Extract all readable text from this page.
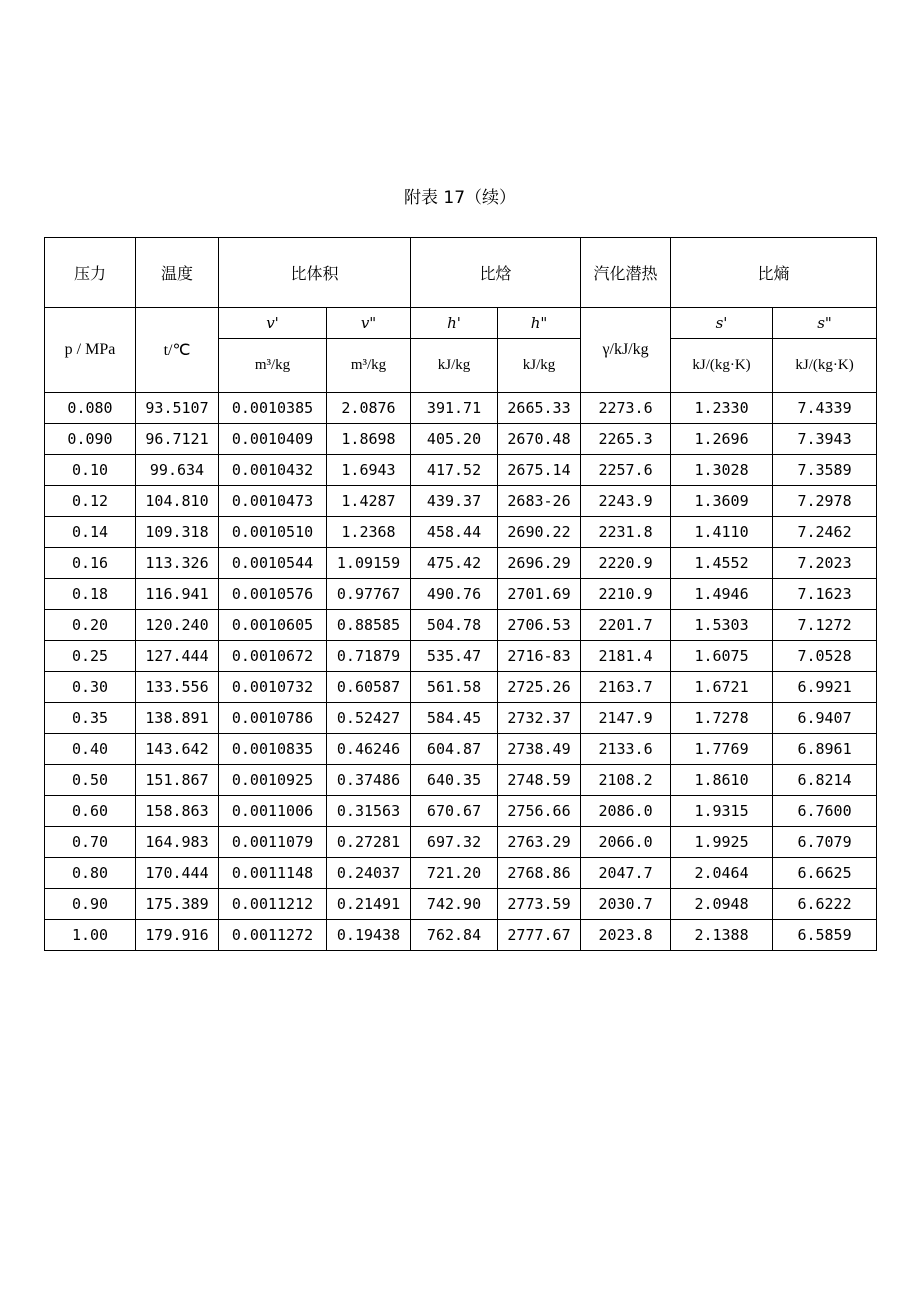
附表 17（续）
压力	温度	比体积		比焓		汽化潜热	比熵	
p / MPa	t/℃	v'	v"	h'	h"	γ/kJ/kg	s'	s"
		m³/kg	m³/kg	kJ/kg	kJ/kg		kJ/(kg·K)	kJ/(kg·K)
0.080	93.5107	0.0010385	2.0876	391.71	2665.33	2273.6	1.2330	7.4339
0.090	96.7121	0.0010409	1.8698	405.20	2670.48	2265.3	1.2696	7.3943
0.10	99.634	0.0010432	1.6943	417.52	2675.14	2257.6	1.3028	7.3589
0.12	104.810	0.0010473	1.4287	439.37	2683-26	2243.9	1.3609	7.2978
0.14	109.318	0.0010510	1.2368	458.44	2690.22	2231.8	1.4110	7.2462
0.16	113.326	0.0010544	1.09159	475.42	2696.29	2220.9	1.4552	7.2023
0.18	116.941	0.0010576	0.97767	490.76	2701.69	2210.9	1.4946	7.1623
0.20	120.240	0.0010605	0.88585	504.78	2706.53	2201.7	1.5303	7.1272
0.25	127.444	0.0010672	0.71879	535.47	2716-83	2181.4	1.6075	7.0528
0.30	133.556	0.0010732	0.60587	561.58	2725.26	2163.7	1.6721	6.9921
0.35	138.891	0.0010786	0.52427	584.45	2732.37	2147.9	1.7278	6.9407
0.40	143.642	0.0010835	0.46246	604.87	2738.49	2133.6	1.7769	6.8961
0.50	151.867	0.0010925	0.37486	640.35	2748.59	2108.2	1.8610	6.8214
0.60	158.863	0.0011006	0.31563	670.67	2756.66	2086.0	1.9315	6.7600
0.70	164.983	0.0011079	0.27281	697.32	2763.29	2066.0	1.9925	6.7079
0.80	170.444	0.0011148	0.24037	721.20	2768.86	2047.7	2.0464	6.6625
0.90	175.389	0.0011212	0.21491	742.90	2773.59	2030.7	2.0948	6.6222
1.00	179.916	0.0011272	0.19438	762.84	2777.67	2023.8	2.1388	6.5859
